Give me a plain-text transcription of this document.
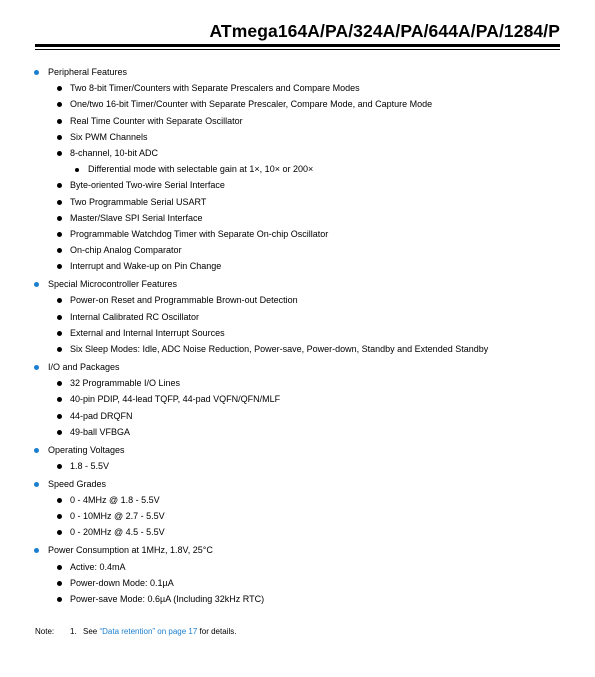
ATmega164A/PA/324A/PA/644A/PA/1284/P
Peripheral Features
Two 8-bit Timer/Counters with Separate Prescalers and Compare Modes
One/two 16-bit Timer/Counter with Separate Prescaler, Compare Mode, and Capture Mode
Real Time Counter with Separate Oscillator
Six PWM Channels
8-channel, 10-bit ADC
Differential mode with selectable gain at 1×, 10× or 200×
Byte-oriented Two-wire Serial Interface
Two Programmable Serial USART
Master/Slave SPI Serial Interface
Programmable Watchdog Timer with Separate On-chip Oscillator
On-chip Analog Comparator
Interrupt and Wake-up on Pin Change
Special Microcontroller Features
Power-on Reset and Programmable Brown-out Detection
Internal Calibrated RC Oscillator
External and Internal Interrupt Sources
Six Sleep Modes: Idle, ADC Noise Reduction, Power-save, Power-down, Standby and Extended Standby
I/O and Packages
32 Programmable I/O Lines
40-pin PDIP, 44-lead TQFP, 44-pad VQFN/QFN/MLF
44-pad DRQFN
49-ball VFBGA
Operating Voltages
1.8 - 5.5V
Speed Grades
0 - 4MHz @ 1.8 - 5.5V
0 - 10MHz @ 2.7 - 5.5V
0 - 20MHz @ 4.5 - 5.5V
Power Consumption at 1MHz, 1.8V, 25°C
Active: 0.4mA
Power-down Mode: 0.1µA
Power-save Mode: 0.6µA (Including 32kHz RTC)
Note: 1. See “Data retention” on page 17 for details.
